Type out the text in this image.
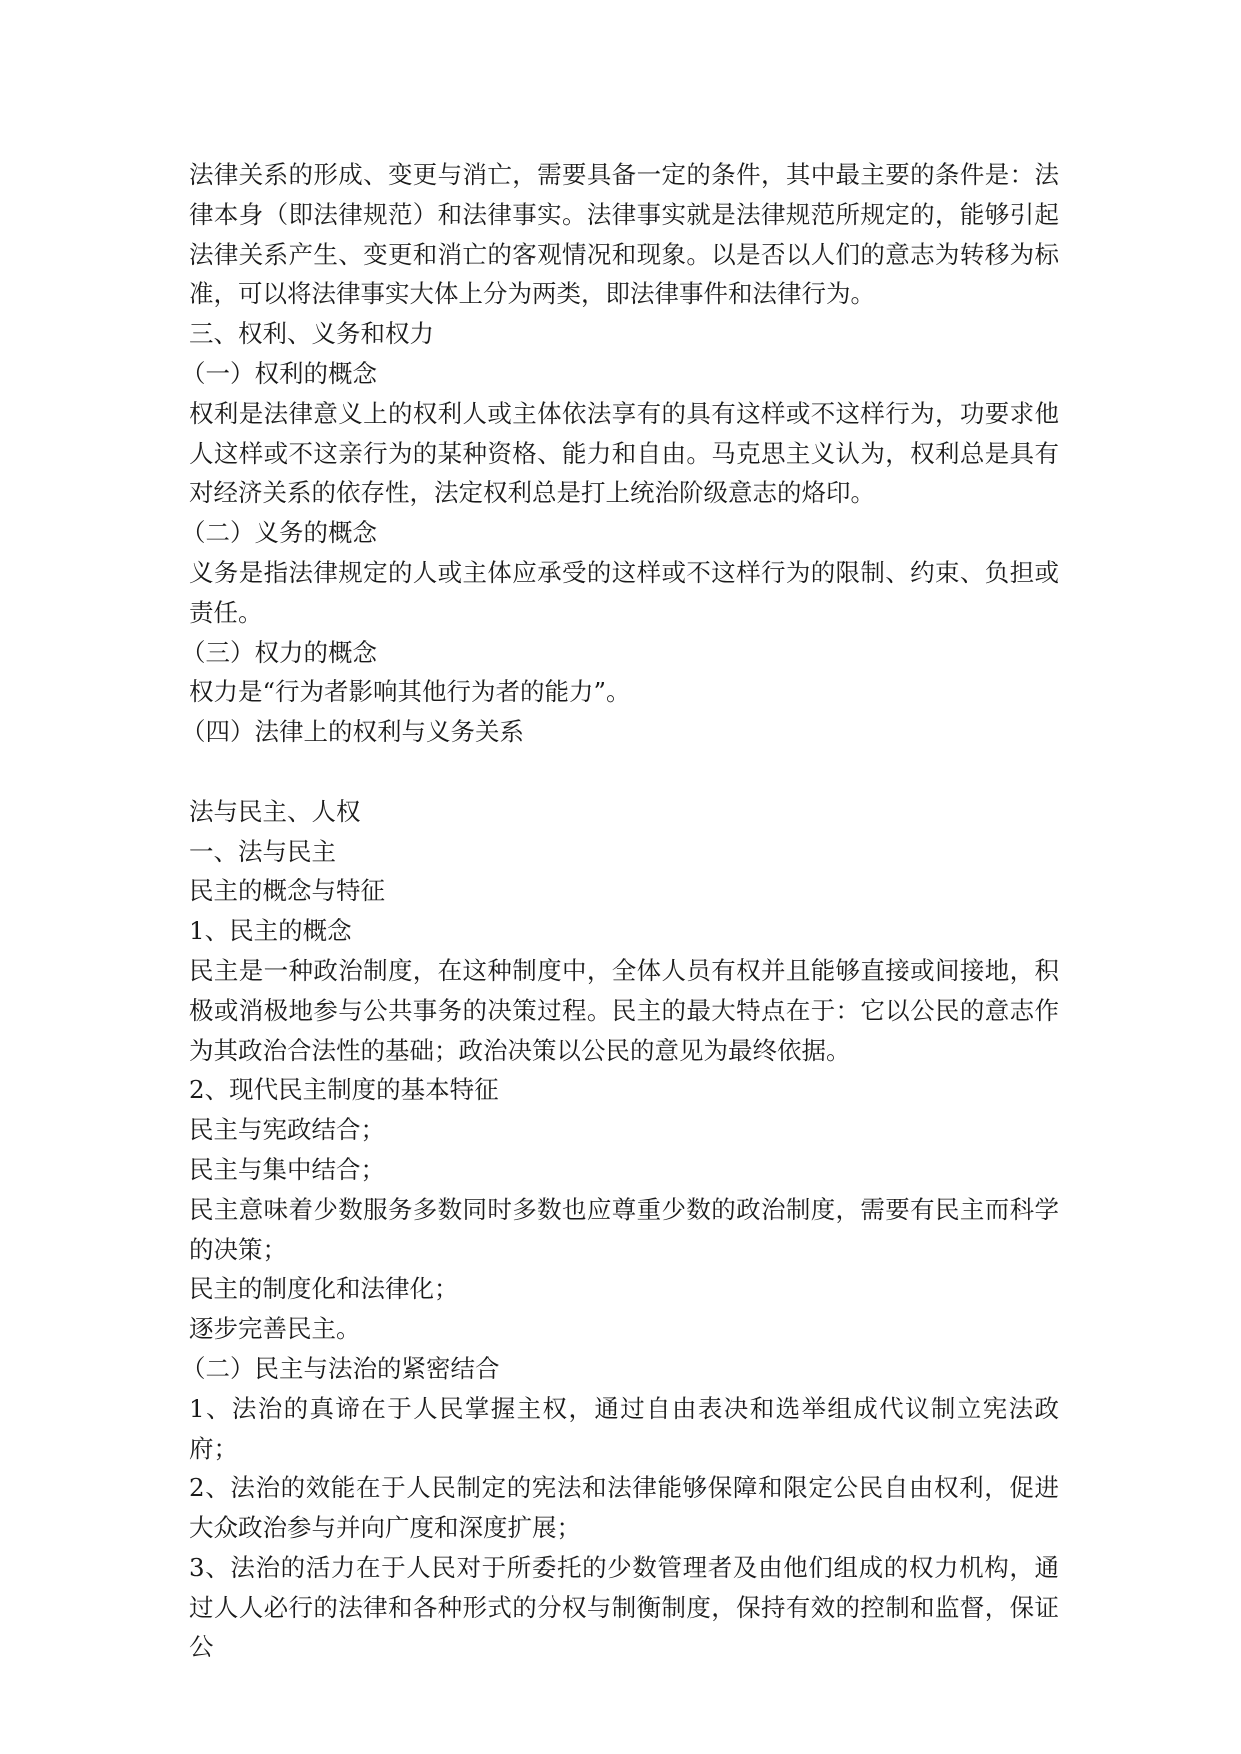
法律关系的形成、变更与消亡，需要具备一定的条件，其中最主要的条件是：法律本身（即法律规范）和法律事实。法律事实就是法律规范所规定的，能够引起法律关系产生、变更和消亡的客观情况和现象。以是否以人们的意志为转移为标准，可以将法律事实大体上分为两类，即法律事件和法律行为。

三、权利、义务和权力
（一）权利的概念

权利是法律意义上的权利人或主体依法享有的具有这样或不这样行为，功要求他人这样或不这亲行为的某种资格、能力和自由。马克思主义认为，权利总是具有对经济关系的依存性，法定权利总是打上统治阶级意志的烙印。

（二）义务的概念

义务是指法律规定的人或主体应承受的这样或不这样行为的限制、约束、负担或责任。

（三）权力的概念

权力是“行为者影响其他行为者的能力”。

（四）法律上的权利与义务关系
法与民主、人权
一、法与民主
民主的概念与特征
1、民主的概念

民主是一种政治制度，在这种制度中，全体人员有权并且能够直接或间接地，积极或消极地参与公共事务的决策过程。民主的最大特点在于：它以公民的意志作为其政治合法性的基础；政治决策以公民的意见为最终依据。

2、现代民主制度的基本特征
民主与宪政结合；
民主与集中结合；

民主意味着少数服务多数同时多数也应尊重少数的政治制度，需要有民主而科学的决策；

民主的制度化和法律化；
逐步完善民主。
（二）民主与法治的紧密结合

1、法治的真谛在于人民掌握主权，通过自由表决和选举组成代议制立宪法政府；

2、法治的效能在于人民制定的宪法和法律能够保障和限定公民自由权利，促进大众政治参与并向广度和深度扩展；

3、法治的活力在于人民对于所委托的少数管理者及由他们组成的权力机构，通过人人必行的法律和各种形式的分权与制衡制度，保持有效的控制和监督，保证公
